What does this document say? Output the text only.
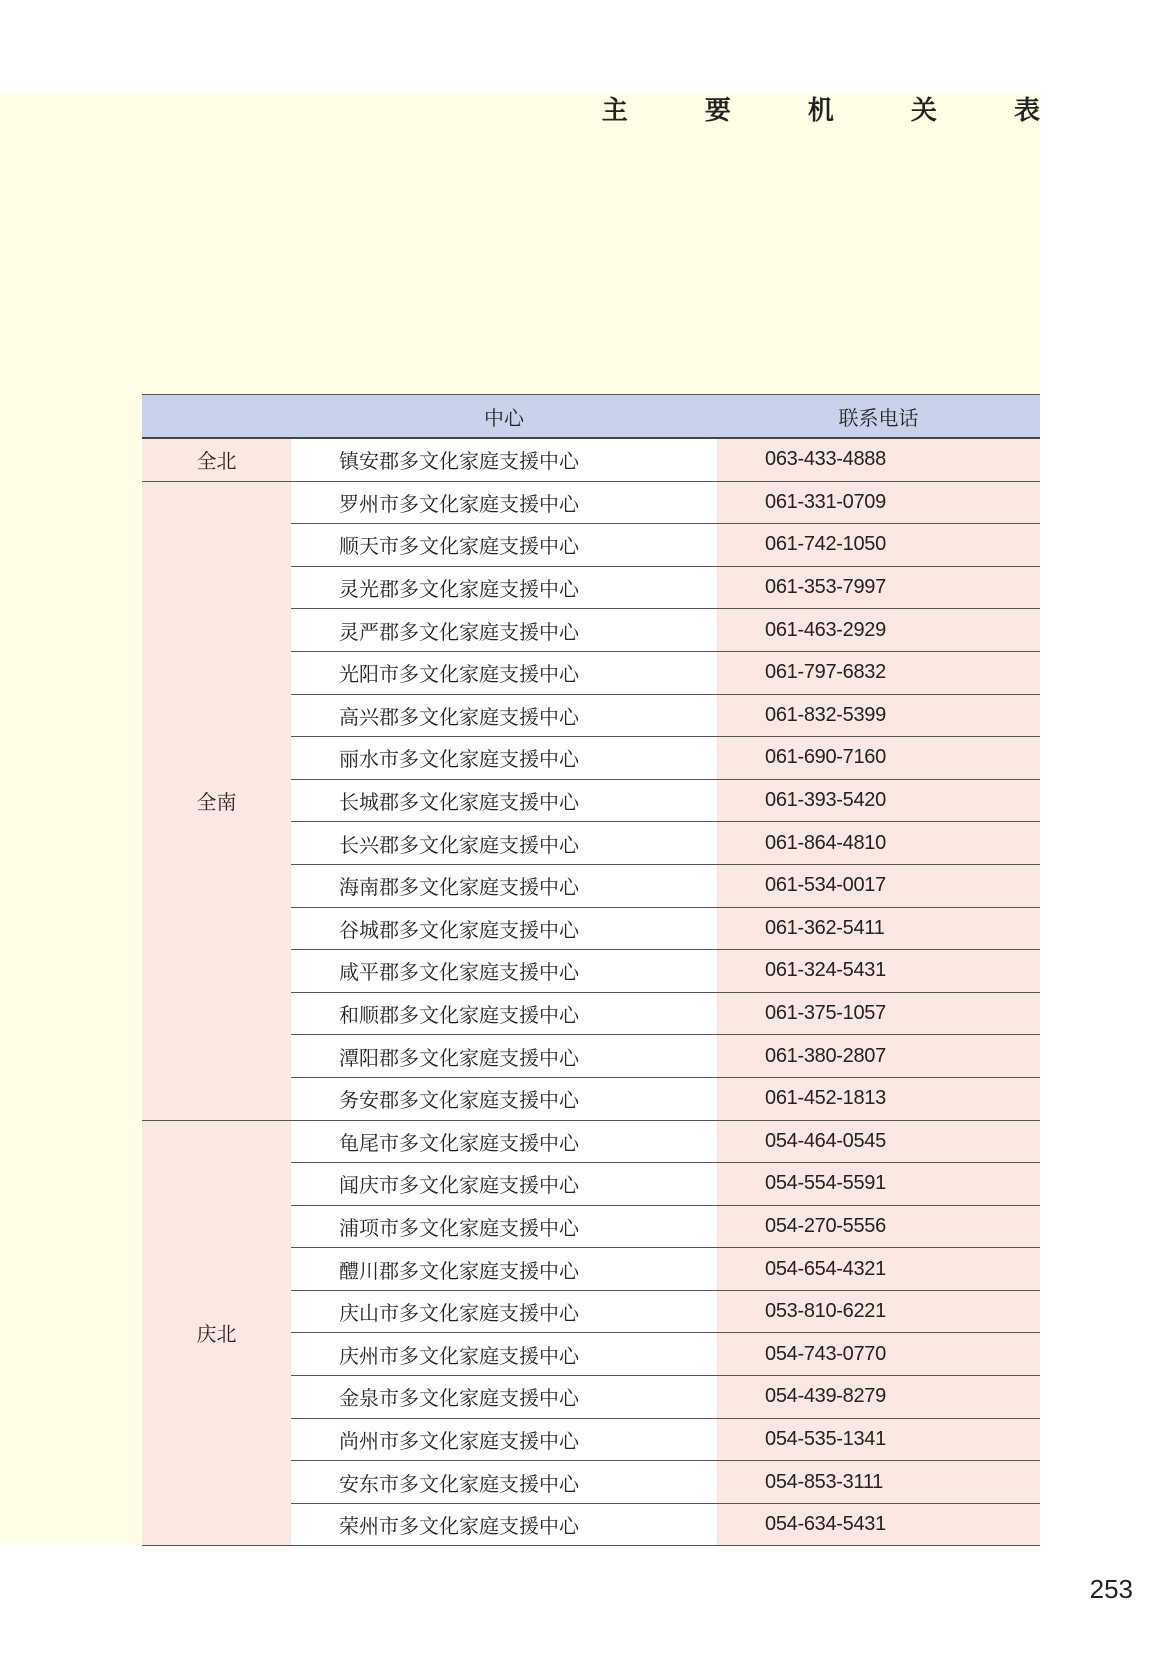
主 要 机 关 表
	中心	联系电话
全北	镇安郡多文化家庭支援中心	063-433-4888
全南	罗州市多文化家庭支援中心	061-331-0709
	顺天市多文化家庭支援中心	061-742-1050
	灵光郡多文化家庭支援中心	061-353-7997
	灵严郡多文化家庭支援中心	061-463-2929
	光阳市多文化家庭支援中心	061-797-6832
	高兴郡多文化家庭支援中心	061-832-5399
	丽水市多文化家庭支援中心	061-690-7160
	长城郡多文化家庭支援中心	061-393-5420
	长兴郡多文化家庭支援中心	061-864-4810
	海南郡多文化家庭支援中心	061-534-0017
	谷城郡多文化家庭支援中心	061-362-5411
	咸平郡多文化家庭支援中心	061-324-5431
	和顺郡多文化家庭支援中心	061-375-1057
	潭阳郡多文化家庭支援中心	061-380-2807
	务安郡多文化家庭支援中心	061-452-1813
庆北	龟尾市多文化家庭支援中心	054-464-0545
	闻庆市多文化家庭支援中心	054-554-5591
	浦项市多文化家庭支援中心	054-270-5556
	醴川郡多文化家庭支援中心	054-654-4321
	庆山市多文化家庭支援中心	053-810-6221
	庆州市多文化家庭支援中心	054-743-0770
	金泉市多文化家庭支援中心	054-439-8279
	尚州市多文化家庭支援中心	054-535-1341
	安东市多文化家庭支援中心	054-853-3111
	荣州市多文化家庭支援中心	054-634-5431
253
